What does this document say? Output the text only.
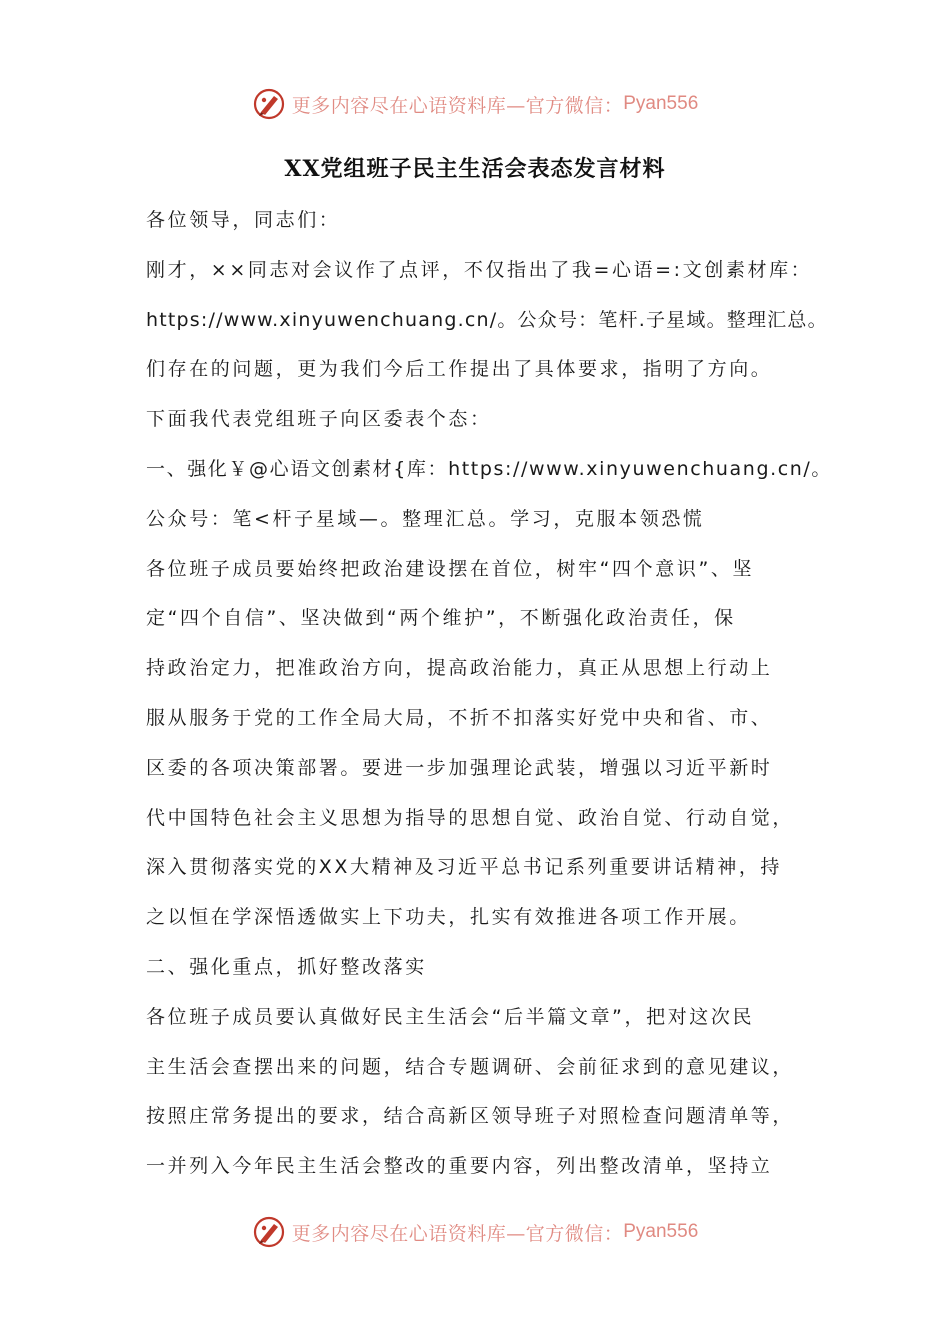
更多内容尽在心语资料库—官方微信： Pyan556
XX党组班子民主生活会表态发言材料
各位领导，同志们：
刚才，××同志对会议作了点评，不仅指出了我=心语=:文创素材库：
https://www.xinyuwenchuang.cn/。公众号：笔杆.子星域。整理汇总。
们存在的问题，更为我们今后工作提出了具体要求，指明了方向。
下面我代表党组班子向区委表个态：
一、强化￥@心语文创素材{库：https://www.xinyuwenchuang.cn/。
公众号：笔<杆子星域—。整理汇总。学习，克服本领恐慌
各位班子成员要始终把政治建设摆在首位，树牢“四个意识”、坚
定“四个自信”、坚决做到“两个维护”，不断强化政治责任，保
持政治定力，把准政治方向，提高政治能力，真正从思想上行动上
服从服务于党的工作全局大局，不折不扣落实好党中央和省、市、
区委的各项决策部署。要进一步加强理论武装，增强以习近平新时
代中国特色社会主义思想为指导的思想自觉、政治自觉、行动自觉，
深入贯彻落实党的XX大精神及习近平总书记系列重要讲话精神，持
之以恒在学深悟透做实上下功夫，扎实有效推进各项工作开展。
二、强化重点，抓好整改落实
各位班子成员要认真做好民主生活会“后半篇文章”，把对这次民
主生活会查摆出来的问题，结合专题调研、会前征求到的意见建议，
按照庄常务提出的要求，结合高新区领导班子对照检查问题清单等，
一并列入今年民主生活会整改的重要内容，列出整改清单，坚持立
更多内容尽在心语资料库—官方微信： Pyan556
